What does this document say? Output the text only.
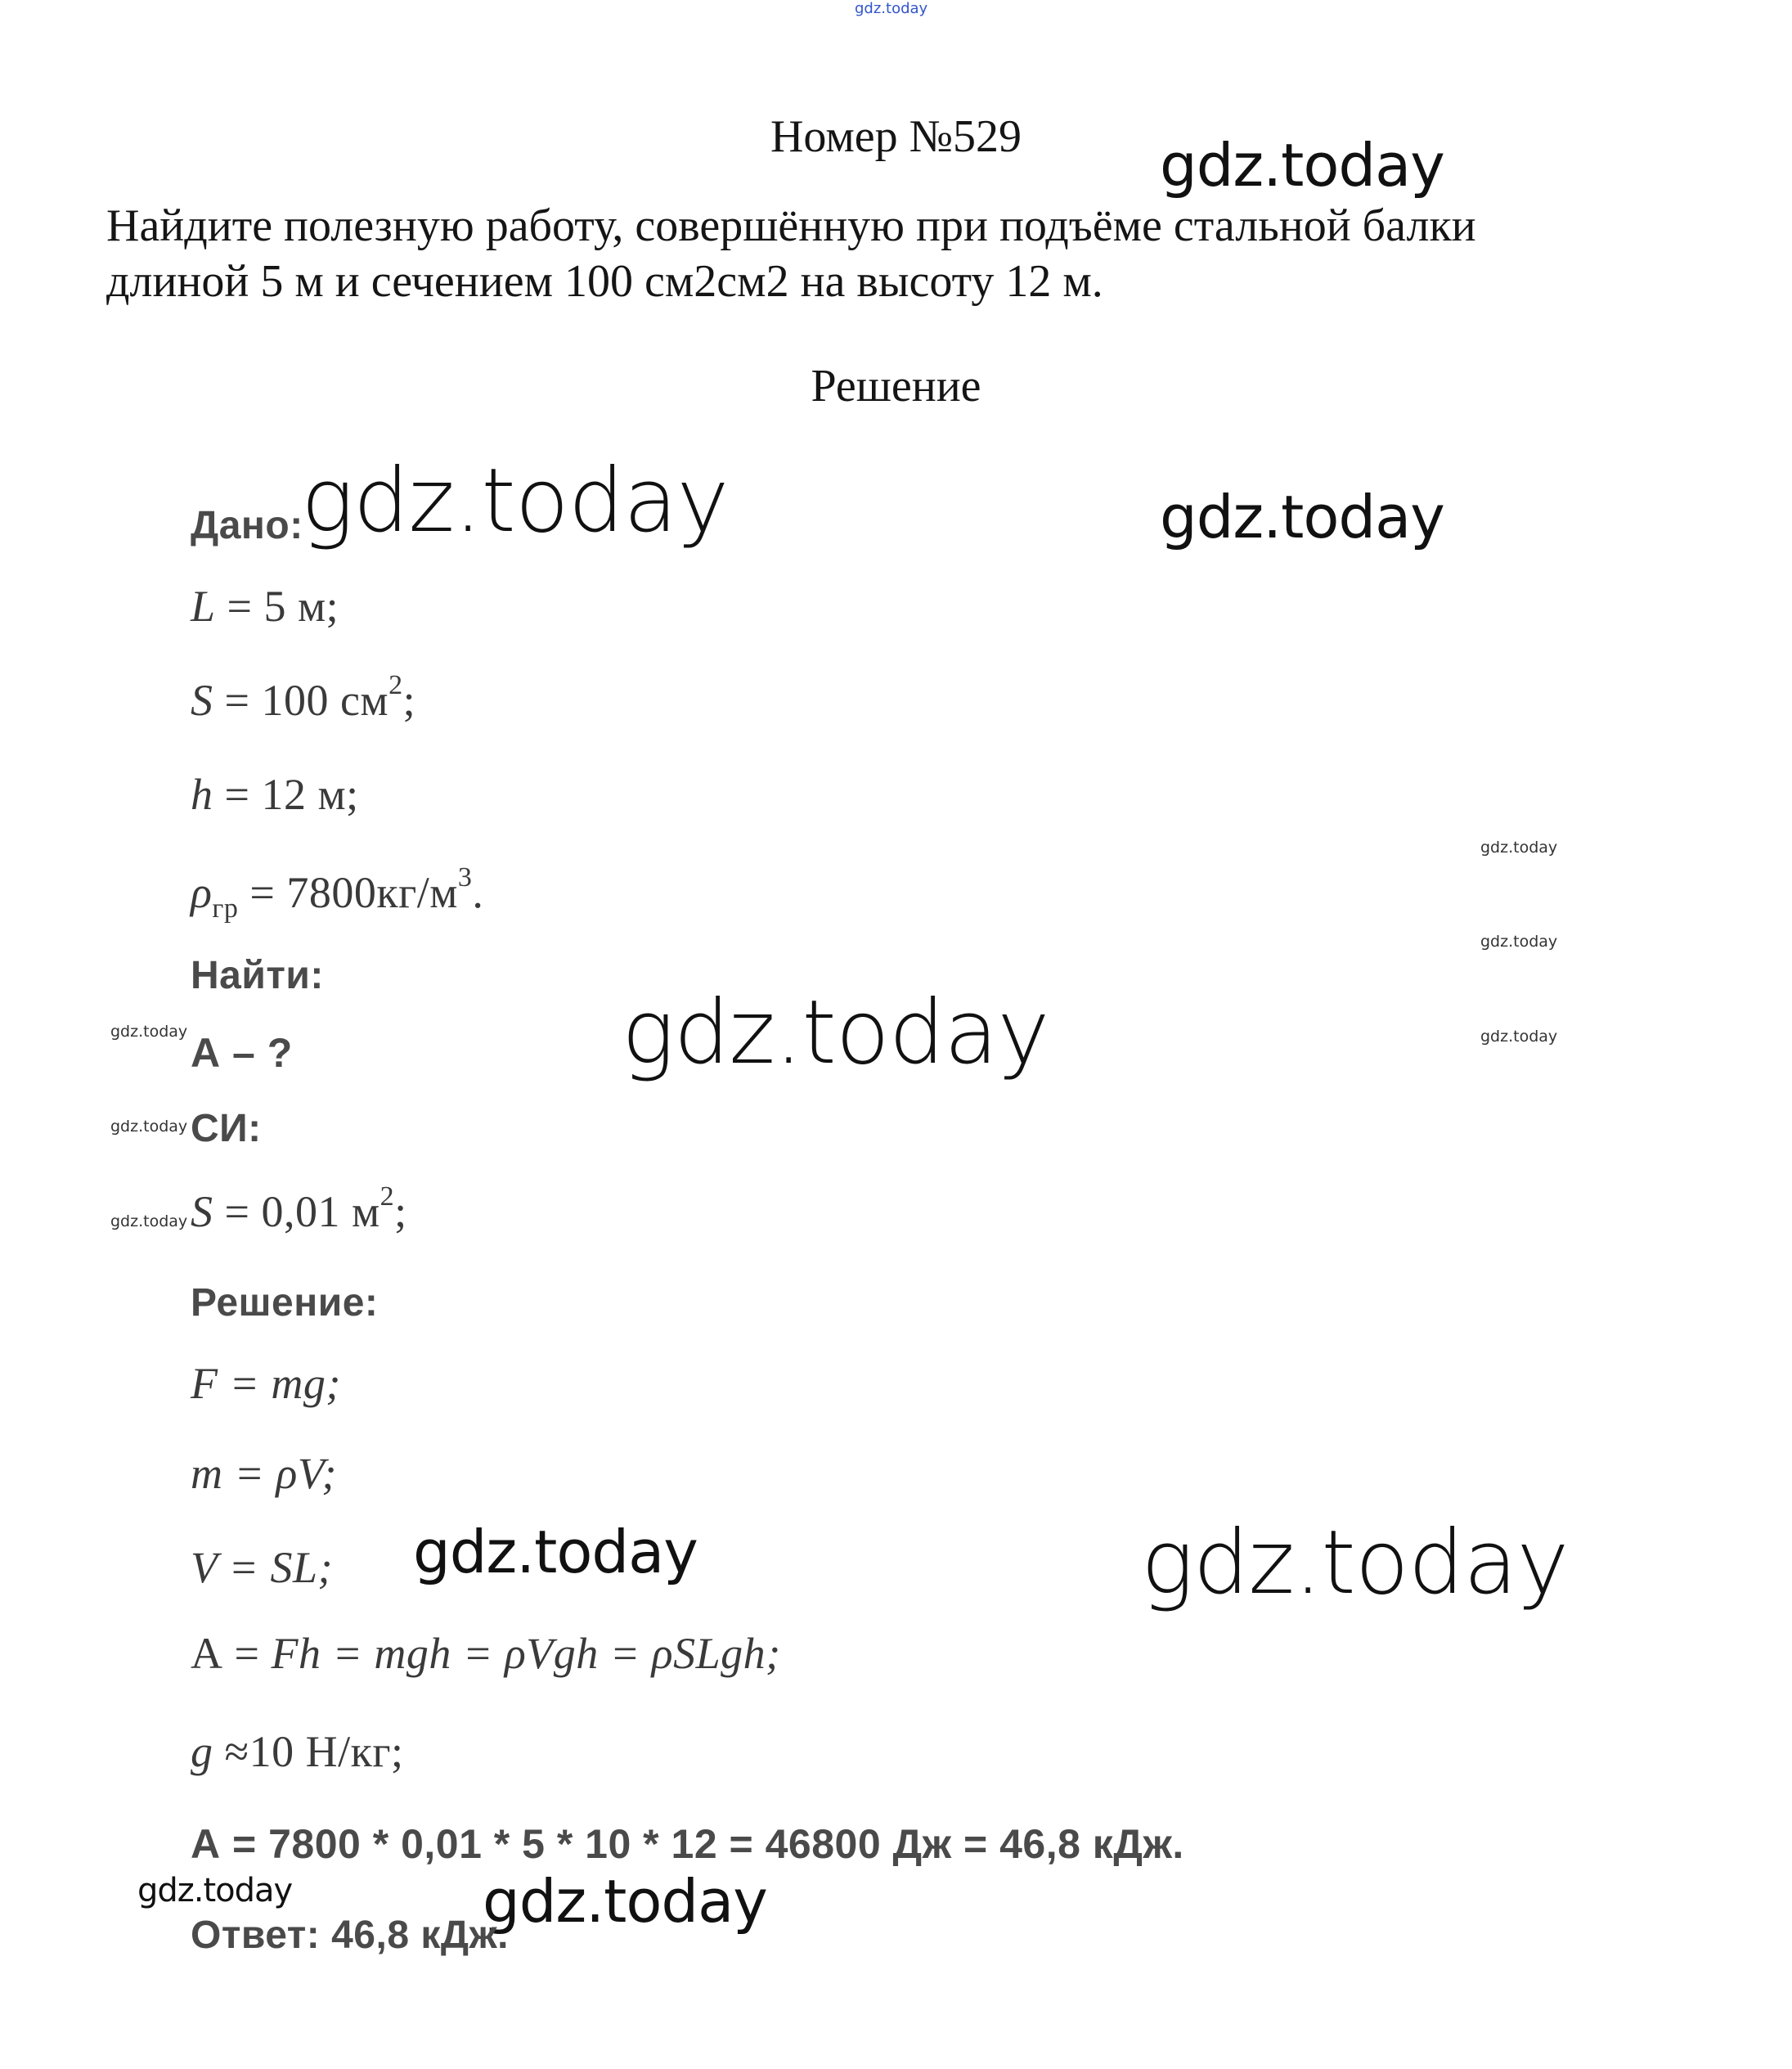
gdz.today
Номер №529	gdz.today
Найдите полезную работу, совершённую при подъёме стальной балки
длиной 5 м и сечением 100 см2см2 на высоту 12 м.
Решение
Дано:
gdz.today	gdz.today
L = 5 м;
S = 100 $см^2$;
h = 12 м;
gdz.today
$\rho_{гр} = 7800кг/м^3$.
gdz.today
Найти:
gdz.today
gdz.today	gdz.today
А – ?
gdz.today СИ:
gdz.today S = 0,01 $м^2$;
Решение:
F = mg;
m = ρV;
V = SL; gdz.today	gdz.today
А = Fh = mgh = ρVgh = ρSLgh;
g ≈10 Н/кг;
А = 7800 * 0,01 * 5 * 10 * 12 = 46800 Дж = 46,8 кДж.
gdz.today	gdz.today
Ответ: 46,8 кДж.
